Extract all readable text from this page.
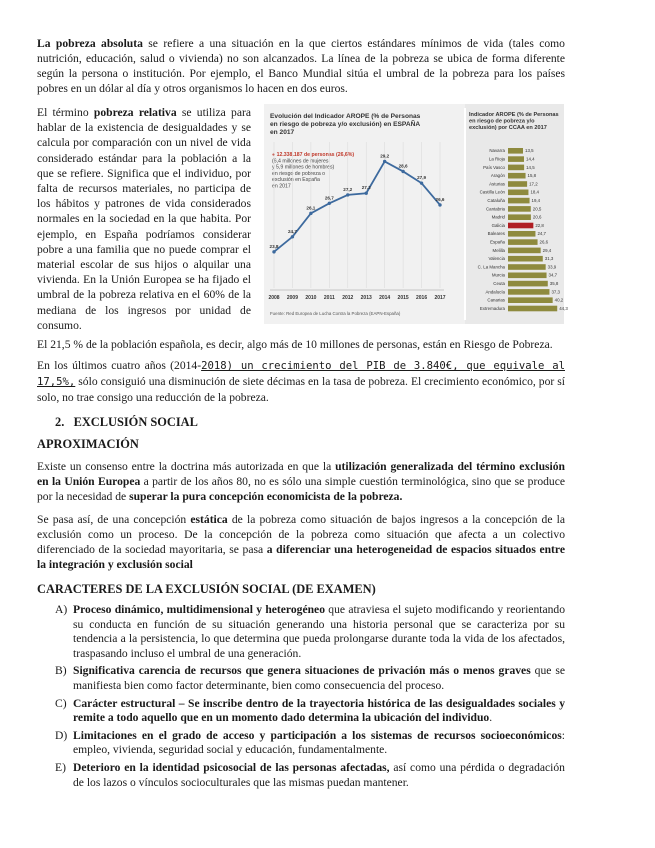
La pobreza absoluta se refiere a una situación en la que ciertos estándares mínimos de vida (tales como nutrición, educación, salud o vivienda) no son alcanzados. La línea de la pobreza se ubica de forma diferente según la persona o institución. Por ejemplo, el Banco Mundial sitúa el umbral de la pobreza para los países pobres en un dólar al día y otros organismos lo hacen en dos euros.

El término pobreza relativa se utiliza para hablar de la existencia de desigualdades y se calcula por comparación con un nivel de vida considerado estándar para la población a la que se refiere. Significa que el individuo, por falta de recursos materiales, no participa de los hábitos y patrones de vida considerados normales en la sociedad en la que habita. Por ejemplo, en España podríamos considerar pobre a una familia que no puede comprar el material escolar de sus hijos o alquilar una vivienda. En la Unión Europea se ha fijado el umbral de la pobreza relativa en el 60% de la mediana de los ingresos por unidad de consumo.

Evolución del Indicador AROPE (% de Personas
en riesgo de pobreza y/o exclusión) en ESPAÑA
en 2017
● 12.338.187 de personas (26,6%)
(6,4 millones de mujeres
y 5,9 millones de hombres)
en riesgo de pobreza o
exclusión en España
en 2017
23,8
24,7
26,1
26,7
27,2 27,3
29,2
28,6
27,9
26,6
2008 2009 2010 2011 2012 2013 2014 2015 2016 2017
Fuente: Red Europea de Lucha Contra la Pobreza (EAPN-España)
Indicador AROPE (% de Personas
en riesgo de pobreza y/o
exclusión) por CCAA en 2017
Navarra
La Rioja
País Vasco
Aragón
Asturias
Castilla León
Cataluña
Cantabria
Madrid
Galicia
Baleares
España
Melilla
Valencia
C. La Mancha
Murcia
Ceuta
Andalucía
Canarias
Extremadura
13,5
14,4
14,5
15,8
17,2
18,4
19,4
20,5
20,6
22,8
24,7
26,6
29,4
31,3
33,9
34,7
35,8
37,3
40,2
44,3

El 21,5 % de la población española, es decir, algo más de 10 millones de personas, están en Riesgo de Pobreza.

En los últimos cuatro años (2014-2018) un crecimiento del PIB de 3.840€, que equivale al 17,5%, sólo consiguió una disminución de siete décimas en la tasa de pobreza. El crecimiento económico, por sí solo, no trae consigo una reducción de la pobreza.

2. EXCLUSIÓN SOCIAL
APROXIMACIÓN

Existe un consenso entre la doctrina más autorizada en que la utilización generalizada del término exclusión en la Unión Europea a partir de los años 80, no es sólo una simple cuestión terminológica, sino que se produce por la necesidad de superar la pura concepción economicista de la pobreza.

Se pasa así, de una concepción estática de la pobreza como situación de bajos ingresos a la concepción de la exclusión como un proceso. De la concepción de la pobreza como situación que afecta a un colectivo diferenciado de la sociedad mayoritaria, se pasa a diferenciar una heterogeneidad de espacios situados entre la integración y exclusión social

CARACTERES DE LA EXCLUSIÓN SOCIAL (DE EXAMEN)
A) Proceso dinámico, multidimensional y heterogéneo que atraviesa el sujeto modificando y reorientando su conducta en función de su situación generando una historia personal que se caracteriza por su tendencia a la persistencia, lo que determina que pueda prolongarse durante toda la vida de los afectados, traspasando incluso el umbral de una generación.
B) Significativa carencia de recursos que genera situaciones de privación más o menos graves que se manifiesta bien como factor determinante, bien como consecuencia del proceso.
C) Carácter estructural – Se inscribe dentro de la trayectoria histórica de las desigualdades sociales y remite a todo aquello que en un momento dado determina la ubicación del individuo.
D) Limitaciones en el grado de acceso y participación a los sistemas de recursos socioeconómicos: empleo, vivienda, seguridad social y educación, fundamentalmente.
E) Deterioro en la identidad psicosocial de las personas afectadas, así como una pérdida o degradación de los lazos o vínculos socioculturales que las mismas puedan mantener.
